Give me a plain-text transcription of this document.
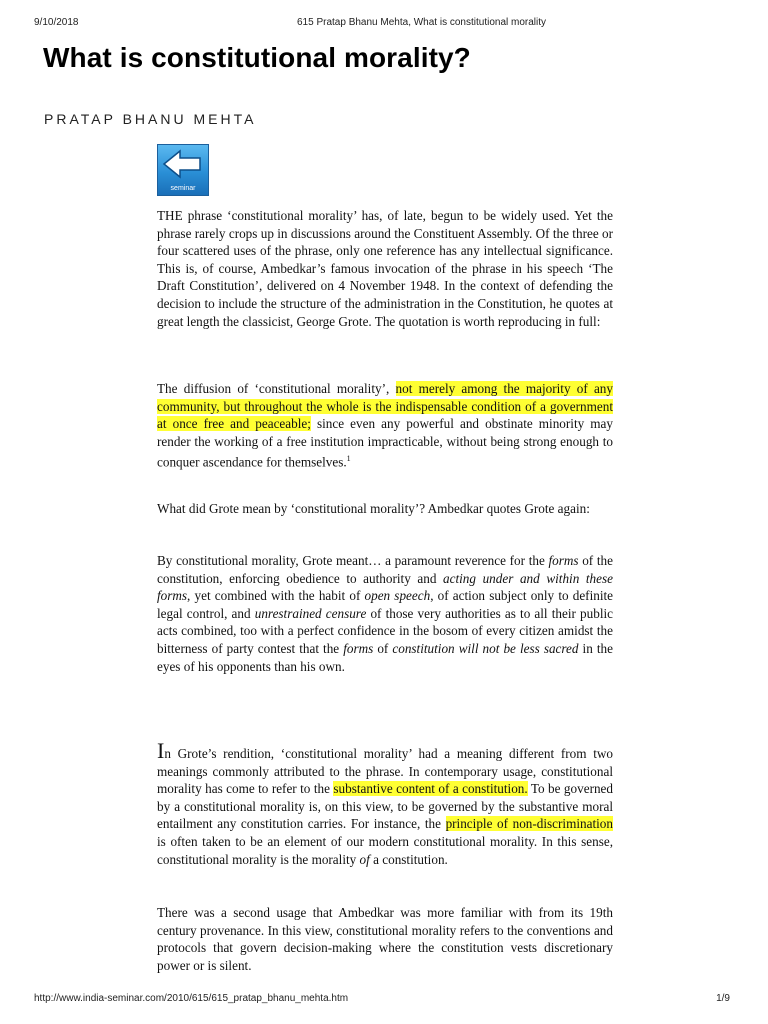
9/10/2018	615 Pratap Bhanu Mehta, What is constitutional morality
What is constitutional morality?
PRATAP BHANU MEHTA
seminar

THE phrase ‘constitutional morality’ has, of late, begun to be widely used. Yet the phrase rarely crops up in discussions around the Constituent Assembly. Of the three or four scattered uses of the phrase, only one reference has any intellectual significance. This is, of course, Ambedkar’s famous invocation of the phrase in his speech ‘The Draft Constitution’, delivered on 4 November 1948. In the context of defending the decision to include the structure of the administration in the Constitution, he quotes at great length the classicist, George Grote. The quotation is worth reproducing in full:

The diffusion of ‘constitutional morality’, not merely among the majority of any community, but throughout the whole is the indispensable condition of a government at once free and peaceable; since even any powerful and obstinate minority may render the working of a free institution impracticable, without being strong enough to conquer ascendance for themselves.$^1$

What did Grote mean by ‘constitutional morality’? Ambedkar quotes Grote again:

By constitutional morality, Grote meant… a paramount reverence for the forms of the constitution, enforcing obedience to authority and acting under and within these forms, yet combined with the habit of open speech, of action subject only to definite legal control, and unrestrained censure of those very authorities as to all their public acts combined, too with a perfect confidence in the bosom of every citizen amidst the bitterness of party contest that the forms of constitution will not be less sacred in the eyes of his opponents than his own.

In Grote’s rendition, ‘constitutional morality’ had a meaning different from two meanings commonly attributed to the phrase. In contemporary usage, constitutional morality has come to refer to the substantive content of a constitution. To be governed by a constitutional morality is, on this view, to be governed by the substantive moral entailment any constitution carries. For instance, the principle of non-discrimination is often taken to be an element of our modern constitutional morality. In this sense, constitutional morality is the morality of a constitution.

There was a second usage that Ambedkar was more familiar with from its 19th century provenance. In this view, constitutional morality refers to the conventions and protocols that govern decision-making where the constitution vests discretionary power or is silent.

http://www.india-seminar.com/2010/615/615_pratap_bhanu_mehta.htm	1/9
